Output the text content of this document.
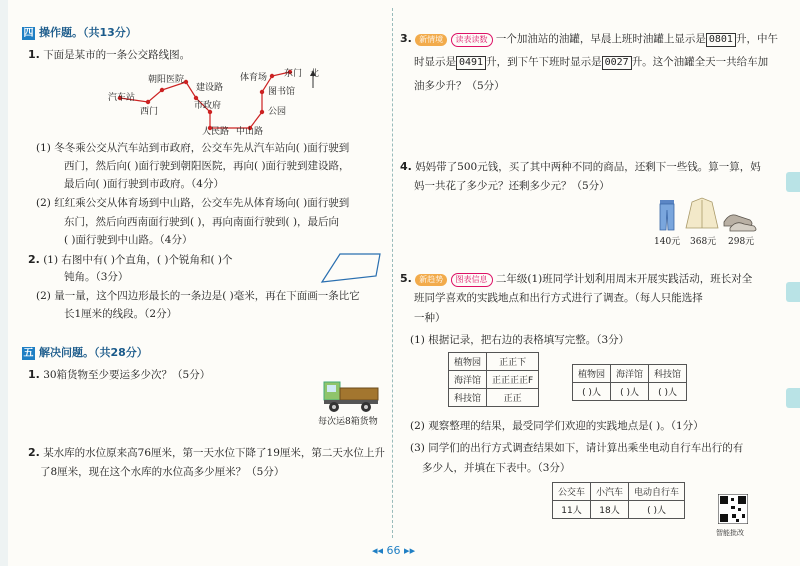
四 操作题。（共13分）
1. 下面是某市的一条公交路线图。
汽车站
西门
朝阳医院
建设路
市政府
人民路 中山路
公园
图书馆
体育场 东门 北
(1) 冬冬乘公交从汽车站到市政府，公交车先从汽车站向( )面行驶到
西门，然后向( )面行驶到朝阳医院，再向( )面行驶到建设路，
最后向( )面行驶到市政府。（4分）
(2) 红红乘公交从体育场到中山路，公交车先从体育场向( )面行驶到
东门，然后向西南面行驶到( )，再向南面行驶到( )，最后向
( )面行驶到中山路。（4分）
2. (1) 右图中有( )个直角，( )个锐角和( )个
钝角。（3分）
(2) 量一量，这个四边形最长的一条边是( )毫米，再在下面画一条比它
长1厘米的线段。（2分）
五 解决问题。（共28分）
1. 30箱货物至少要运多少次？（5分）
每次运8箱货物
2. 某水库的水位原来高76厘米，第一天水位下降了19厘米，第二天水位上升
了8厘米，现在这个水库的水位高多少厘米？（5分）
3. 新情境 读表读数 一个加油站的油罐，早晨上班时油罐上显示是 0801 升，中午
时显示是 0491 升，到下午下班时显示是 0027 升。这个油罐全天一共给车加
油多少升？（5分）
4. 妈妈带了500元钱，买了其中两种不同的商品，还剩下一些钱。算一算，妈
妈一共花了多少元？还剩多少元？（5分）
140元 368元 298元
5. 新趋势 图表信息 二年级(1)班同学计划利用周末开展实践活动，班长对全
班同学喜欢的实践地点和出行方式进行了调查。（每人只能选择
一种）
(1) 根据记录，把右边的表格填写完整。（3分）
植物园	正正下
海洋馆	正正正正F
科技馆	正正
植物园	海洋馆	科技馆
( )人	( )人	( )人
(2) 观察整理的结果，最受同学们欢迎的实践地点是( )。（1分）
(3) 同学们的出行方式调查结果如下，请计算出乘坐电动自行车出行的有
多少人，并填在下表中。（3分）
公交车	小汽车	电动自行车
11人	18人	( )人
智能批改
◂◂ 66 ▸▸
